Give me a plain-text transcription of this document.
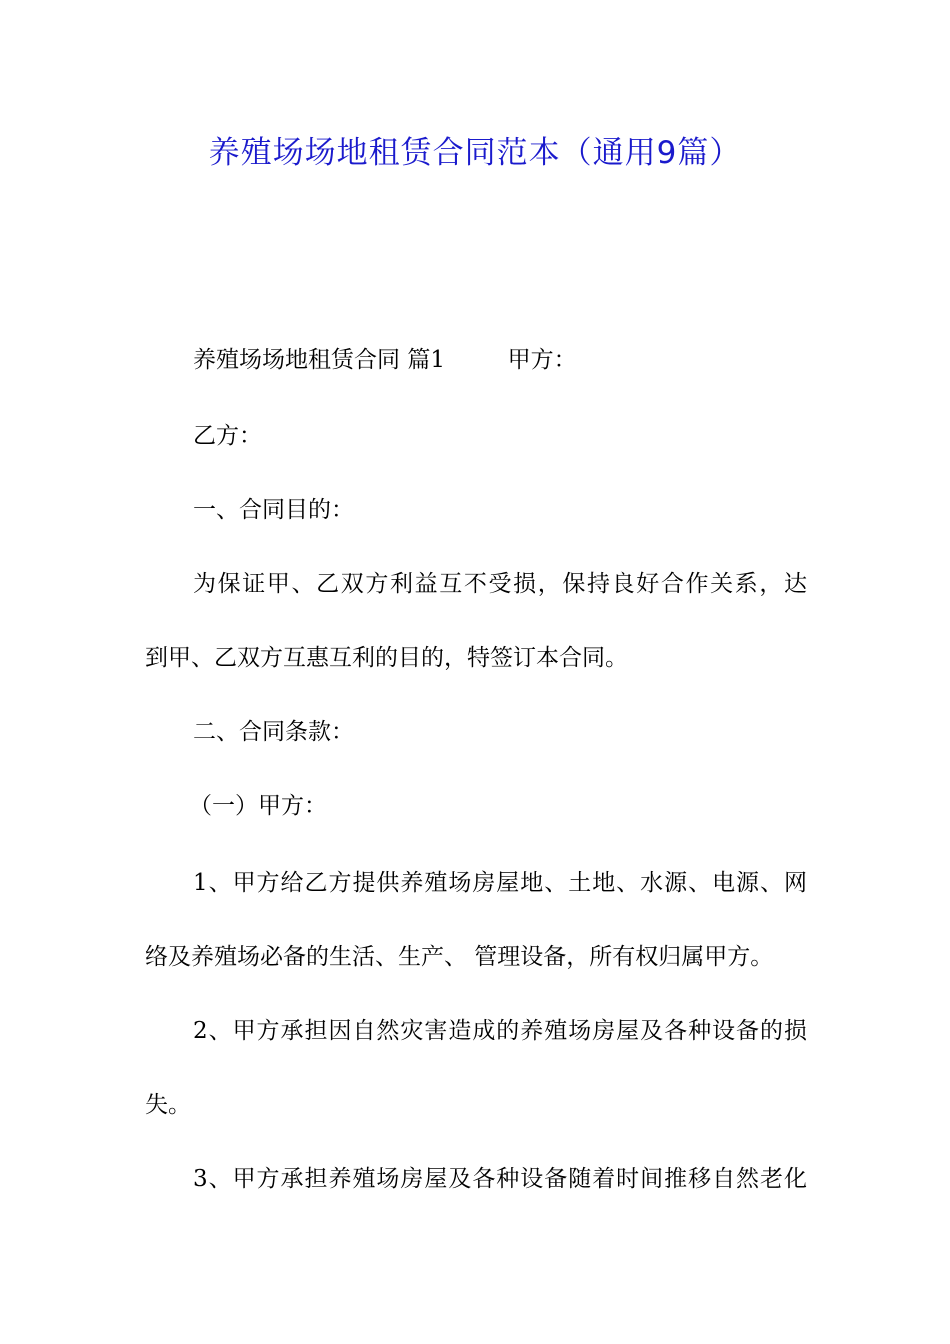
养殖场场地租赁合同范本（通用9篇）
养殖场场地租赁合同 篇1	甲方：
乙方：
一、合同目的：
为保证甲、乙双方利益互不受损，保持良好合作关系，达
到甲、乙双方互惠互利的目的，特签订本合同。
二、合同条款：
（一）甲方：
1、甲方给乙方提供养殖场房屋地、土地、水源、电源、网
络及养殖场必备的生活、生产、 管理设备，所有权归属甲方。
2、甲方承担因自然灾害造成的养殖场房屋及各种设备的损
失。
3、甲方承担养殖场房屋及各种设备随着时间推移自然老化
